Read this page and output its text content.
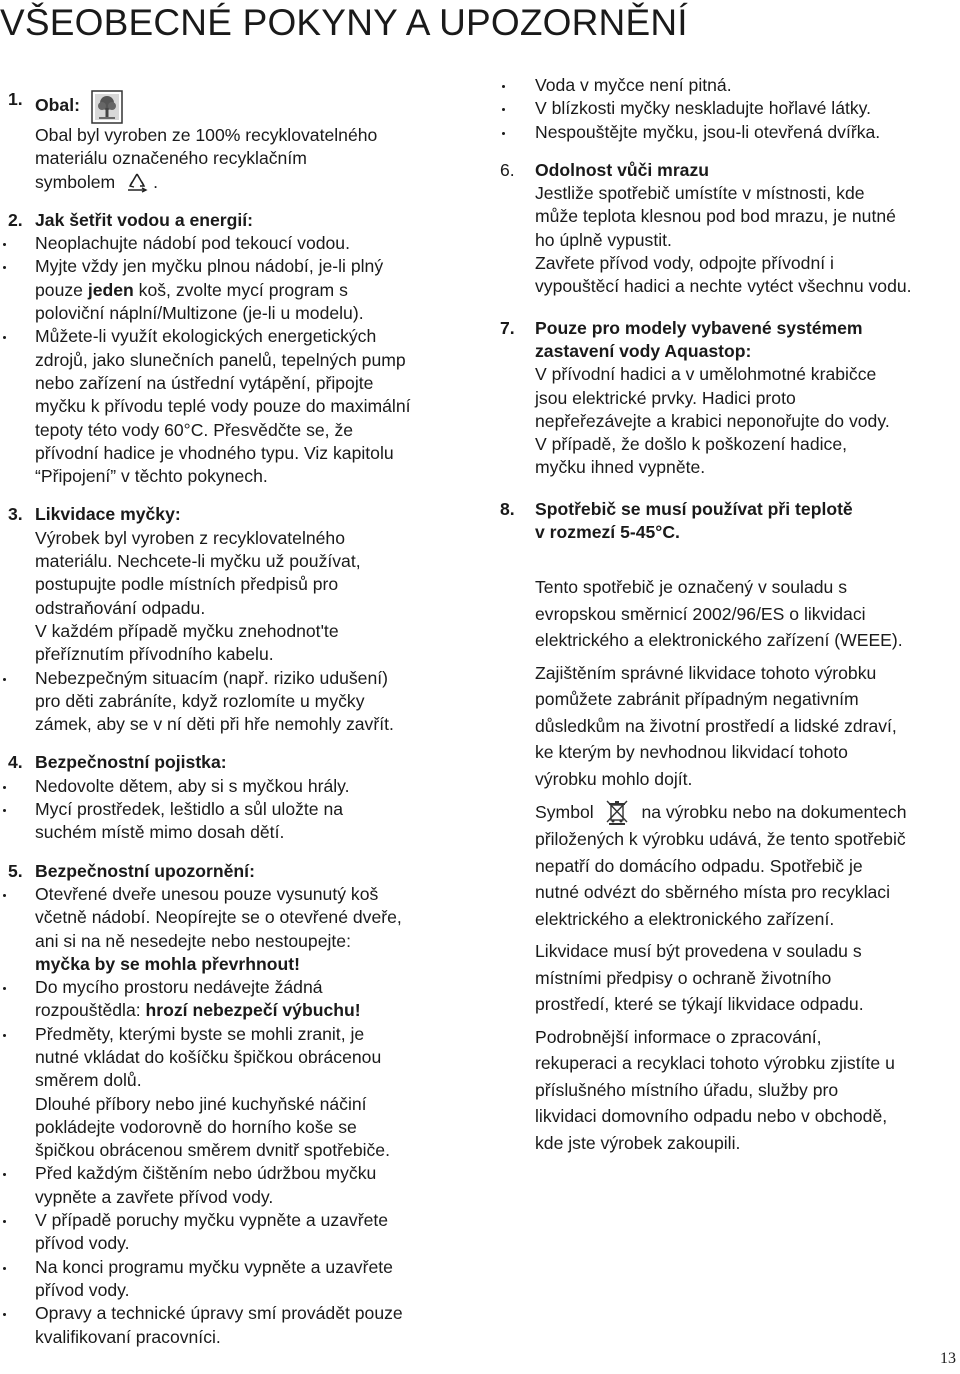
VŠEOBECNÉ POKYNY A UPOZORNĚNÍ
1. Obal:
Obal byl vyroben ze 100% recyklovatelného
materiálu označeného recyklačním
symbolem .
2. Jak šetřit vodou a energií:
Neoplachujte nádobí pod tekoucí vodou.
Myjte vždy jen myčku plnou nádobí, je-li plný
pouze jeden koš, zvolte mycí program s
poloviční náplní/Multizone (je-li u modelu).
Můžete-li využít ekologických energetických
zdrojů, jako slunečních panelů, tepelných pump
nebo zařízení na ústřední vytápění, připojte
myčku k přívodu teplé vody pouze do maximální
tepoty této vody 60°C. Přesvědčte se, že
přívodní hadice je vhodného typu. Viz kapitolu
“Připojení” v těchto pokynech.
3. Likvidace myčky:
Výrobek byl vyroben z recyklovatelného
materiálu. Nechcete-li myčku už používat,
postupujte podle místních předpisů pro
odstraňování odpadu.
V každém případě myčku znehodnot'te
přeříznutím přívodního kabelu.
Nebezpečným situacím (např. riziko udušení)
pro děti zabráníte, když rozlomíte u myčky
zámek, aby se v ní děti při hře nemohly zavřít.
4. Bezpečnostní pojistka:
Nedovolte dětem, aby si s myčkou hrály.
Mycí prostředek, leštidlo a sůl uložte na
suchém místě mimo dosah dětí.
5. Bezpečnostní upozornění:
Otevřené dveře unesou pouze vysunutý koš
včetně nádobí. Neopírejte se o otevřené dveře,
ani si na ně nesedejte nebo nestoupejte:
myčka by se mohla převrhnout!
Do mycího prostoru nedávejte žádná
rozpouštědla: hrozí nebezpečí výbuchu!
Předměty, kterými byste se mohli zranit, je
nutné vkládat do košíčku špičkou obrácenou
směrem dolů.
Dlouhé příbory nebo jiné kuchyňské náčiní
pokládejte vodorovně do horního koše se
špičkou obrácenou směrem dvnitř spotřebiče.
Před každým čištěním nebo údržbou myčku
vypněte a zavřete přívod vody.
V případě poruchy myčku vypněte a uzavřete
přívod vody.
Na konci programu myčku vypněte a uzavřete
přívod vody.
Opravy a technické úpravy smí provádět pouze
kvalifikovaní pracovníci.
Voda v myčce není pitná.
V blízkosti myčky neskladujte hořlavé látky.
Nespouštějte myčku, jsou-li otevřená dvířka.
6. Odolnost vůči mrazu
Jestliže spotřebič umístíte v místnosti, kde
může teplota klesnou pod bod mrazu, je nutné
ho úplně vypustit.
Zavřete přívod vody, odpojte přívodní i
vypouštěcí hadici a nechte vytéct všechnu vodu.
7. Pouze pro modely vybavené systémem
zastavení vody Aquastop:
V přívodní hadici a v umělohmotné krabičce
jsou elektrické prvky. Hadici proto
nepřeřezávejte a krabici neponořujte do vody.
V případě, že došlo k poškození hadice,
myčku ihned vypněte.
8. Spotřebič se musí používat při teplotě
v rozmezí 5-45°C.
Tento spotřebič je označený v souladu s
evropskou směrnicí 2002/96/ES o likvidaci
elektrického a elektronického zařízení (WEEE).
Zajištěním správné likvidace tohoto výrobku
pomůžete zabránit případným negativním
důsledkům na životní prostředí a lidské zdraví,
ke kterým by nevhodnou likvidací tohoto
výrobku mohlo dojít.
Symbol	na výrobku nebo na dokumentech
přiložených k výrobku udává, že tento spotřebič
nepatří do domácího odpadu. Spotřebič je
nutné odvézt do sběrného místa pro recyklaci
elektrického a elektronického zařízení.
Likvidace musí být provedena v souladu s
místními předpisy o ochraně životního
prostředí, které se týkají likvidace odpadu.
Podrobnější informace o zpracování,
rekuperaci a recyklaci tohoto výrobku zjistíte u
příslušného místního úřadu, služby pro
likvidaci domovního odpadu nebo v obchodě,
kde jste výrobek zakoupili.
13
